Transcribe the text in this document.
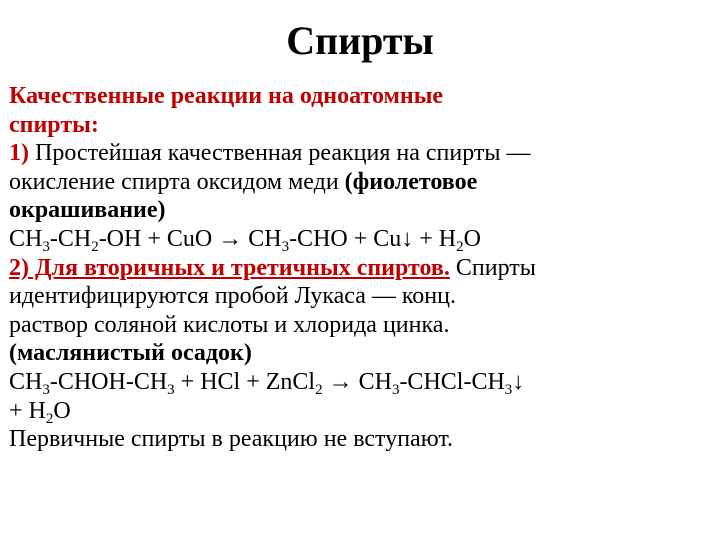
Спирты
Качественные реакции на одноатомные
спирты:
1) Простейшая качественная реакция на спирты —
окисление спирта оксидом меди (фиолетовое
окрашивание)
$CH_3-CH_2-OH$ + CuO → $CH_3$-CHO + Cu↓ + $H_2O$
2) Для вторичных и третичных спиртов. Спирты
идентифицируются пробой Лукаса — конц.
раствор соляной кислоты и хлорида цинка.
(маслянистый осадок)
$CH_3-CHOH-CH_3$ + HCl + ZnCl$_2$ → $CH_3-CHCl-CH_3↓$
+ $H_2O$
Первичные спирты в реакцию не вступают.
